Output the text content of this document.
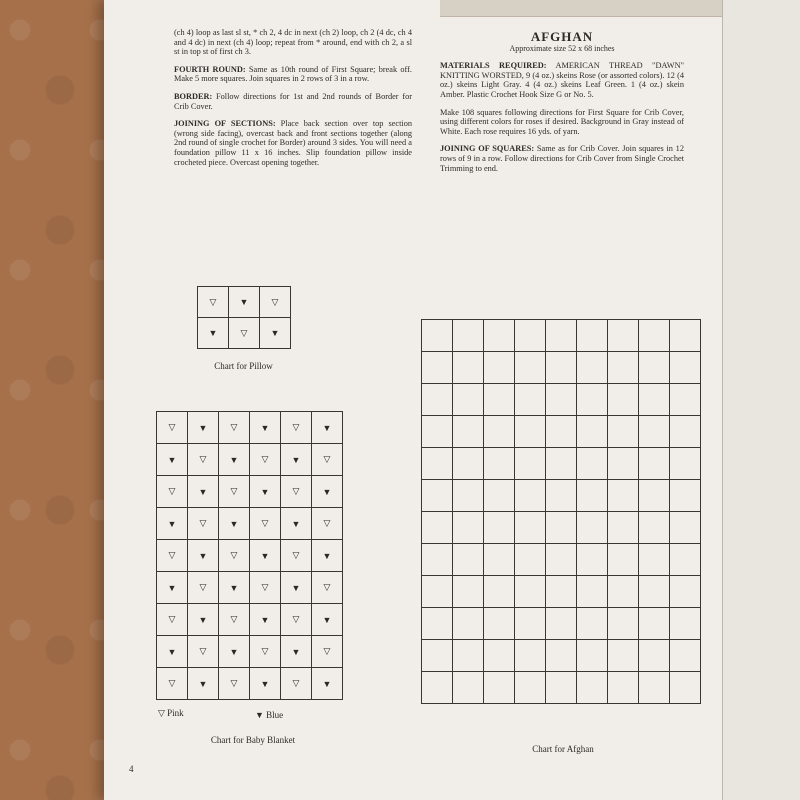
(ch 4) loop as last sl st, * ch 2, 4 dc in next (ch 2) loop, ch 2 (4 dc, ch 4 and 4 dc) in next (ch 4) loop; repeat from * around, end with ch 2, a sl st in top st of first ch 3.

FOURTH ROUND: Same as 10th round of First Square; break off. Make 5 more squares. Join squares in 2 rows of 3 in a row.

BORDER: Follow directions for 1st and 2nd rounds of Border for Crib Cover.

JOINING OF SECTIONS: Place back section over top section (wrong side facing), overcast back and front sections together (along 2nd round of single crochet for Border) around 3 sides. You will need a foundation pillow 11 x 16 inches. Slip foundation pillow inside crocheted piece. Overcast opening together.

AFGHAN
Approximate size 52 x 68 inches

MATERIALS REQUIRED: AMERICAN THREAD "DAWN" KNITTING WORSTED, 9 (4 oz.) skeins Rose (or assorted colors). 12 (4 oz.) skeins Light Gray. 4 (4 oz.) skeins Leaf Green. 1 (4 oz.) skein Amber. Plastic Crochet Hook Size G or No. 5.

Make 108 squares following directions for First Square for Crib Cover, using different colors for roses if desired. Background in Gray instead of White. Each rose requires 16 yds. of yarn.

JOINING OF SQUARES: Same as for Crib Cover. Join squares in 12 rows of 9 in a row. Follow directions for Crib Cover from Single Crochet Trimming to end.

▽	▼	▽
▼	▽	▼
Chart for Pillow
▽	▼	▽	▼	▽	▼
▼	▽	▼	▽	▼	▽
▽	▼	▽	▼	▽	▼
▼	▽	▼	▽	▼	▽
▽	▼	▽	▼	▽	▼
▼	▽	▼	▽	▼	▽
▽	▼	▽	▼	▽	▼
▼	▽	▼	▽	▼	▽
▽	▼	▽	▼	▽	▼
▽ Pink	▼ Blue
Chart for Baby Blanket

Chart for Afghan
4
